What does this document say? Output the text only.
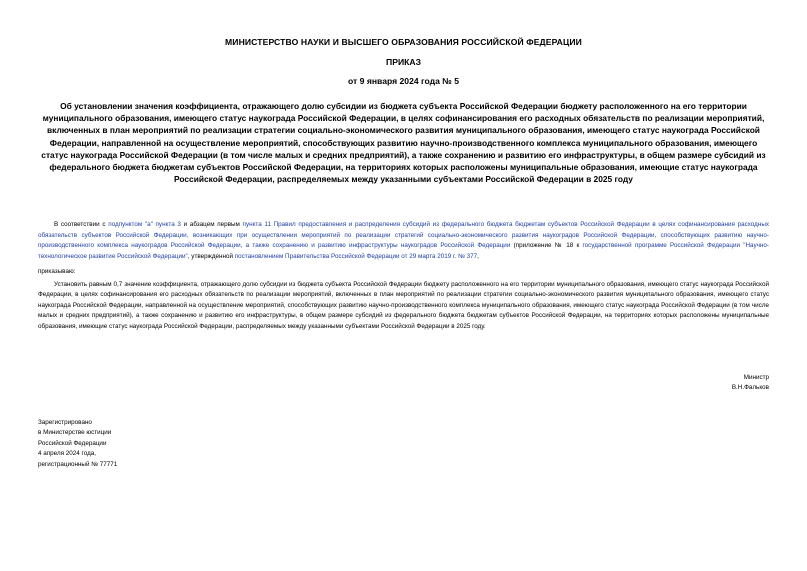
МИНИСТЕРСТВО НАУКИ И ВЫСШЕГО ОБРАЗОВАНИЯ РОССИЙСКОЙ ФЕДЕРАЦИИ
ПРИКАЗ
от 9 января 2024 года № 5
Об установлении значения коэффициента, отражающего долю субсидии из бюджета субъекта Российской Федерации бюджету расположенного на его территории муниципального образования, имеющего статус наукограда Российской Федерации, в целях софинансирования его расходных обязательств по реализации мероприятий, включенных в план мероприятий по реализации стратегии социально-экономического развития муниципального образования, имеющего статус наукограда Российской Федерации, направленной на осуществление мероприятий, способствующих развитию научно-производственного комплекса муниципального образования, имеющего статус наукограда Российской Федерации (в том числе малых и средних предприятий), а также сохранению и развитию его инфраструктуры, в общем размере субсидий из федерального бюджета бюджетам субъектов Российской Федерации, на территориях которых расположены муниципальные образования, имеющие статус наукограда Российской Федерации, распределяемых между указанными субъектами Российской Федерации в 2025 году
В соответствии с подпунктом "а" пункта 3 и абзацем первым пункта 11 Правил предоставления и распределения субсидий из федерального бюджета бюджетам субъектов Российской Федерации в целях софинансирования расходных обязательств субъектов Российской Федерации, возникающих при осуществлении мероприятий по реализации стратегий социально-экономического развития наукоградов Российской Федерации, способствующих развитию научно-производственного комплекса наукоградов Российской Федерации, а также сохранению и развитию инфраструктуры наукоградов Российской Федерации (приложение № 18 к государственной программе Российской Федерации "Научно-технологическое развитие Российской Федерации", утвержденной постановлением Правительства Российской Федерации от 29 марта 2019 г. № 377,
приказываю:
Установить равным 0,7 значение коэффициента, отражающего долю субсидии из бюджета субъекта Российской Федерации бюджету расположенного на его территории муниципального образования, имеющего статус наукограда Российской Федерации, в целях софинансирования его расходных обязательств по реализации мероприятий, включенных в план мероприятий по реализации стратегии социально-экономического развития муниципального образования, имеющего статус наукограда Российской Федерации, направленной на осуществление мероприятий, способствующих развитию научно-производственного комплекса муниципального образования, имеющего статус наукограда Российской Федерации (в том числе малых и средних предприятий), а также сохранению и развитию его инфраструктуры, в общем размере субсидий из федерального бюджета бюджетам субъектов Российской Федерации, на территориях которых расположены муниципальные образования, имеющие статус наукограда Российской Федерации, распределяемых между указанными субъектами Российской Федерации в 2025 году.
Министр
В.Н.Фальков
Зарегистрировано
в Министерстве юстиции
Российской Федерации
4 апреля 2024 года,
регистрационный № 77771
